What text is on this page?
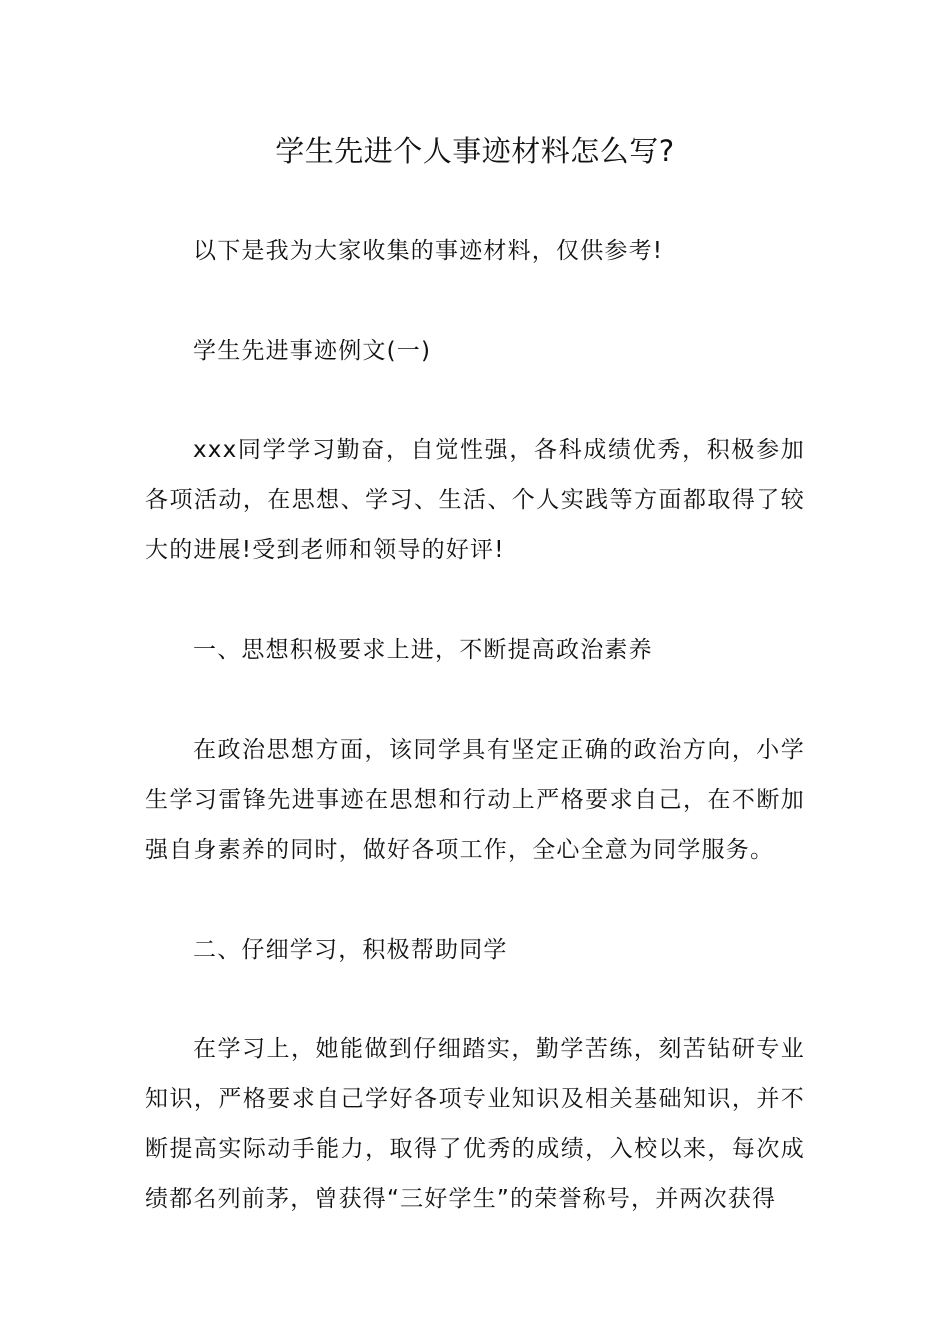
学生先进个人事迹材料怎么写?
以下是我为大家收集的事迹材料，仅供参考!
学生先进事迹例文(一)
xxx同学学习勤奋，自觉性强，各科成绩优秀，积极参加各项活动，在思想、学习、生活、个人实践等方面都取得了较大的进展!受到老师和领导的好评!
一、思想积极要求上进，不断提高政治素养
在政治思想方面，该同学具有坚定正确的政治方向，小学生学习雷锋先进事迹在思想和行动上严格要求自己，在不断加强自身素养的同时，做好各项工作，全心全意为同学服务。
二、仔细学习，积极帮助同学
在学习上，她能做到仔细踏实，勤学苦练，刻苦钻研专业知识，严格要求自己学好各项专业知识及相关基础知识，并不断提高实际动手能力，取得了优秀的成绩，入校以来，每次成绩都名列前茅，曾获得“三好学生”的荣誉称号，并两次获得
